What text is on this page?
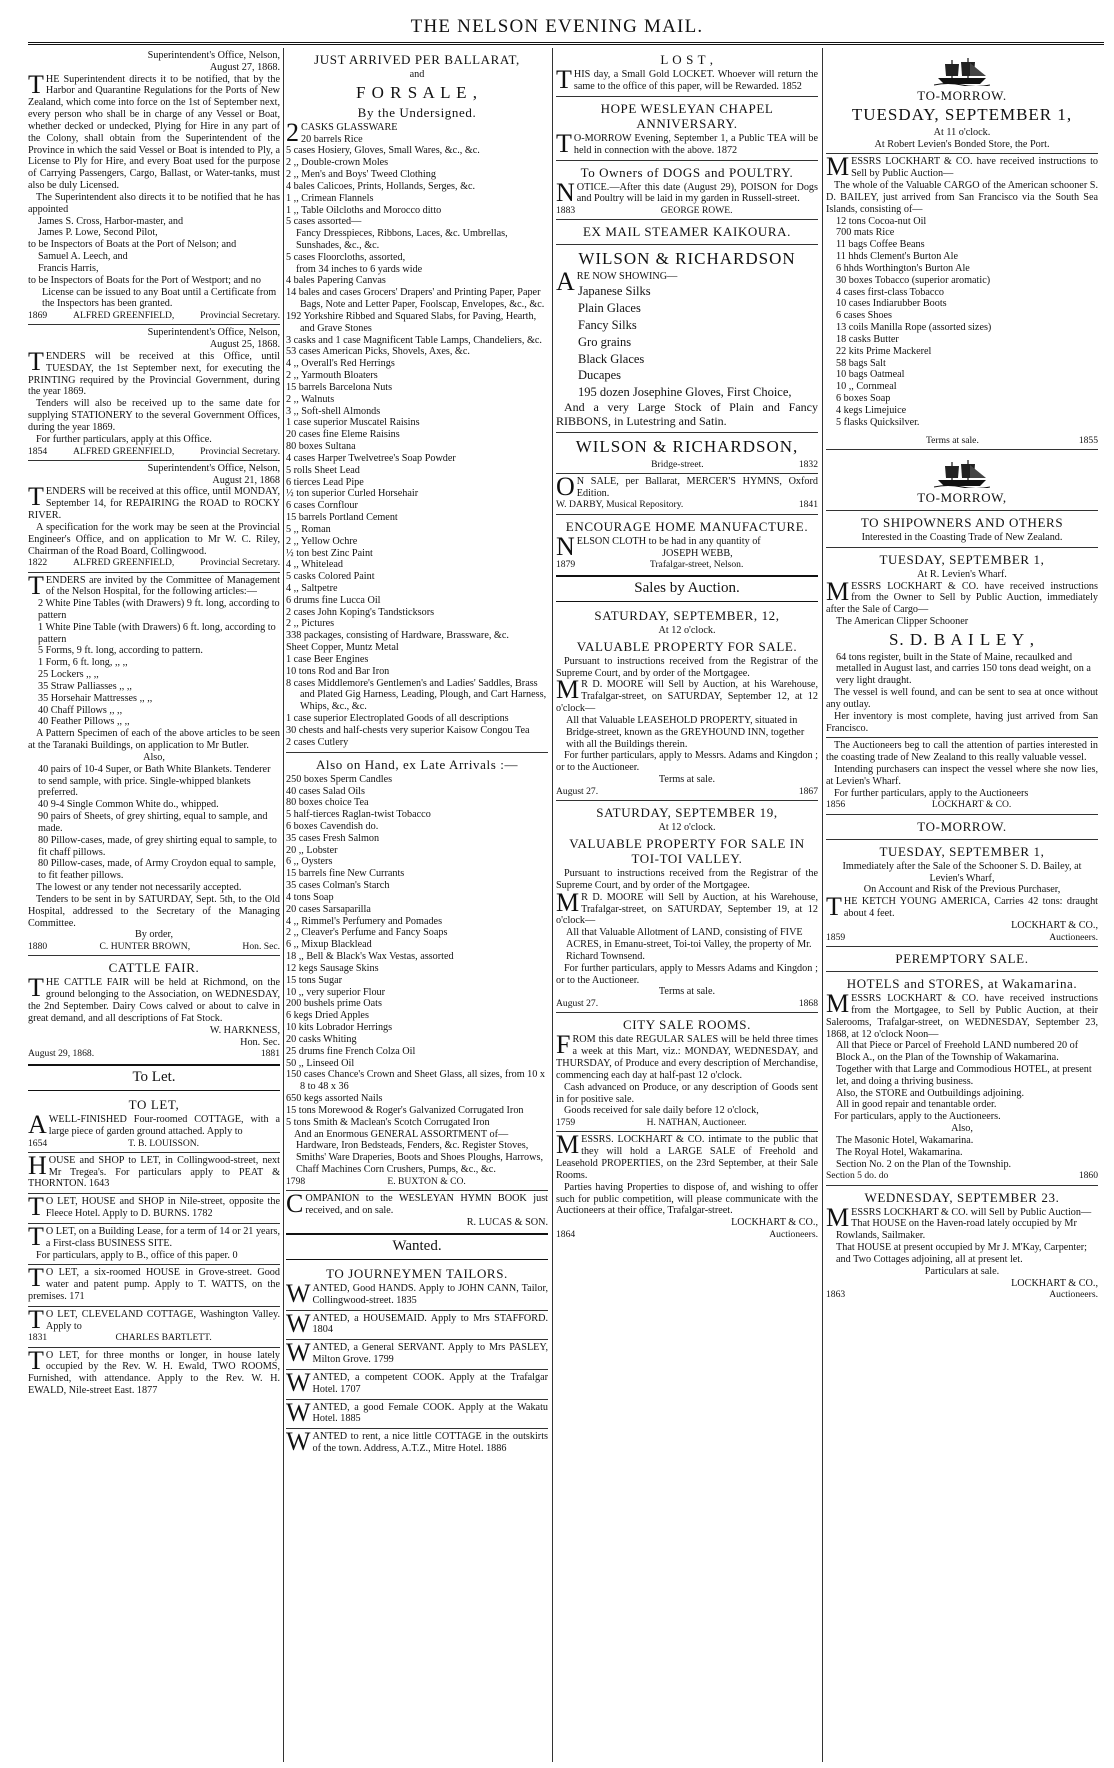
THE NELSON EVENING MAIL.
Superintendent's Office, Nelson,
August 27, 1868.
THE Superintendent directs it to be notified, that by the Harbor and Quarantine Regulations for the Ports of New Zealand, which come into force on the 1st of September next, every person who shall be in charge of any Vessel or Boat, whether decked or undecked, Plying for Hire in any part of the Colony, shall obtain from the Superintendent of the Province in which the said Vessel or Boat is intended to Ply, a License to Ply for Hire, and every Boat used for the purpose of Carrying Passengers, Cargo, Ballast, or Water-tanks, must also be duly Licensed.
The Superintendent also directs it to be notified that he has appointed
James S. Cross, Harbor-master, and
James P. Lowe, Second Pilot,
to be Inspectors of Boats at the Port of Nelson; and
Samuel A. Leech, and
Francis Harris,
to be Inspectors of Boats for the Port of Westport; and no License can be issued to any Boat until a Certificate from the Inspectors has been granted.
1869	ALFRED GREENFIELD,	Provincial Secretary.
Superintendent's Office, Nelson,
August 25, 1868.
TENDERS will be received at this Office, until TUESDAY, the 1st September next, for executing the PRINTING required by the Provincial Government, during the year 1869.
Tenders will also be received up to the same date for supplying STATIONERY to the several Government Offices, during the year 1869.
For further particulars, apply at this Office.
1854	ALFRED GREENFIELD,	Provincial Secretary.
Superintendent's Office, Nelson,
August 21, 1868
TENDERS will be received at this office, until MONDAY, September 14, for REPAIRING the ROAD to ROCKY RIVER.
A specification for the work may be seen at the Provincial Engineer's Office, and on application to Mr W. C. Riley, Chairman of the Road Board, Collingwood.
1822	ALFRED GREENFIELD,	Provincial Secretary.
TENDERS are invited by the Committee of Management of the Nelson Hospital, for the following articles:—
2 White Pine Tables (with Drawers) 9 ft. long, according to pattern
1 White Pine Table (with Drawers) 6 ft. long, according to pattern
5 Forms, 9 ft. long, according to pattern.
1 Form, 6 ft. long, ,, ,,
25 Lockers ,, ,,
35 Straw Palliasses ,, ,,
35 Horsehair Mattresses ,, ,,
40 Chaff Pillows ,, ,,
40 Feather Pillows ,, ,,
A Pattern Specimen of each of the above articles to be seen at the Taranaki Buildings, on application to Mr Butler.
Also,
40 pairs of 10-4 Super, or Bath White Blankets. Tenderer to send sample, with price. Single-whipped blankets preferred.
40 9-4 Single Common White do., whipped.
90 pairs of Sheets, of grey shirting, equal to sample, and made.
80 Pillow-cases, made, of grey shirting equal to sample, to fit chaff pillows.
80 Pillow-cases, made, of Army Croydon equal to sample, to fit feather pillows.
The lowest or any tender not necessarily accepted.
Tenders to be sent in by SATURDAY, Sept. 5th, to the Old Hospital, addressed to the Secretary of the Managing Committee.
By order,
1880	C. HUNTER BROWN,	Hon. Sec.
CATTLE FAIR.
THE CATTLE FAIR will be held at Richmond, on the ground belonging to the Association, on WEDNESDAY, the 2nd September. Dairy Cows calved or about to calve in great demand, and all descriptions of Fat Stock.
W. HARKNESS,
Hon. Sec.
August 29, 1868.	1881
To Let.
TO LET,
AWELL-FINISHED Four-roomed COTTAGE, with a large piece of garden ground attached. Apply to
1654	T. B. LOUISSON.
HOUSE and SHOP to LET, in Collingwood-street, next Mr Tregea's. For particulars apply to PEAT & THORNTON. 1643
TO LET, HOUSE and SHOP in Nile-street, opposite the Fleece Hotel. Apply to D. BURNS. 1782
TO LET, on a Building Lease, for a term of 14 or 21 years, a First-class BUSINESS SITE.
For particulars, apply to B., office of this paper. 0
TO LET, a six-roomed HOUSE in Grove-street. Good water and patent pump. Apply to T. WATTS, on the premises. 171
TO LET, CLEVELAND COTTAGE, Washington Valley. Apply to
1831	CHARLES BARTLETT.
TO LET, for three months or longer, in house lately occupied by the Rev. W. H. Ewald, TWO ROOMS, Furnished, with attendance. Apply to the Rev. W. H. EWALD, Nile-street East. 1877
JUST ARRIVED PER BALLARAT,
and
F O R S A L E ,
By the Undersigned.
2CASKS GLASSWARE
20 barrels Rice
5 cases Hosiery, Gloves, Small Wares, &c., &c.
2 ,, Double-crown Moles
2 ,, Men's and Boys' Tweed Clothing
4 bales Calicoes, Prints, Hollands, Serges, &c.
1 ,, Crimean Flannels
1 ,, Table Oilcloths and Morocco ditto
5 cases assorted—
Fancy Dresspieces, Ribbons, Laces, &c. Umbrellas, Sunshades, &c., &c.
5 cases Floorcloths, assorted,
from 34 inches to 6 yards wide
4 bales Papering Canvas
14 bales and cases Grocers' Drapers' and Printing Paper, Paper Bags, Note and Letter Paper, Foolscap, Envelopes, &c., &c.
192 Yorkshire Ribbed and Squared Slabs, for Paving, Hearth, and Grave Stones
3 casks and 1 case Magnificent Table Lamps, Chandeliers, &c.
53 cases American Picks, Shovels, Axes, &c.
4 ,, Overall's Red Herrings
2 ,, Yarmouth Bloaters
15 barrels Barcelona Nuts
2 ,, Walnuts
3 ,, Soft-shell Almonds
1 case superior Muscatel Raisins
20 cases fine Eleme Raisins
80 boxes Sultana
4 cases Harper Twelvetree's Soap Powder
5 rolls Sheet Lead
6 tierces Lead Pipe
½ ton superior Curled Horsehair
6 cases Cornflour
15 barrels Portland Cement
5 ,, Roman
2 ,, Yellow Ochre
½ ton best Zinc Paint
4 ,, Whitelead
5 casks Colored Paint
4 ,, Saltpetre
6 drums fine Lucca Oil
2 cases John Koping's Tandsticksors
2 ,, Pictures
338 packages, consisting of Hardware, Brassware, &c.
Sheet Copper, Muntz Metal
1 case Beer Engines
10 tons Rod and Bar Iron
8 cases Middlemore's Gentlemen's and Ladies' Saddles, Brass and Plated Gig Harness, Leading, Plough, and Cart Harness, Whips, &c., &c.
1 case superior Electroplated Goods of all descriptions
30 chests and half-chests very superior Kaisow Congou Tea
2 cases Cutlery
Also on Hand, ex Late Arrivals :—
250 boxes Sperm Candles
40 cases Salad Oils
80 boxes choice Tea
5 half-tierces Raglan-twist Tobacco
6 boxes Cavendish do.
35 cases Fresh Salmon
20 ,, Lobster
6 ,, Oysters
15 barrels fine New Currants
35 cases Colman's Starch
4 tons Soap
20 cases Sarsaparilla
4 ,, Rimmel's Perfumery and Pomades
2 ,, Cleaver's Perfume and Fancy Soaps
6 ,, Mixup Blacklead
18 ,, Bell & Black's Wax Vestas, assorted
12 kegs Sausage Skins
15 tons Sugar
10 ,, very superior Flour
200 bushels prime Oats
6 kegs Dried Apples
10 kits Lobrador Herrings
20 casks Whiting
25 drums fine French Colza Oil
50 ,, Linseed Oil
150 cases Chance's Crown and Sheet Glass, all sizes, from 10 x 8 to 48 x 36
650 kegs assorted Nails
15 tons Morewood & Roger's Galvanized Corrugated Iron
5 tons Smith & Maclean's Scotch Corrugated Iron
And an Enormous GENERAL ASSORTMENT of—
Hardware, Iron Bedsteads, Fenders, &c. Register Stoves, Smiths' Ware Draperies, Boots and Shoes Ploughs, Harrows, Chaff Machines Corn Crushers, Pumps, &c., &c.
1798	E. BUXTON & CO.
COMPANION to the WESLEYAN HYMN BOOK just received, and on sale.
R. LUCAS & SON.
Wanted.
TO JOURNEYMEN TAILORS.
WANTED, Good HANDS. Apply to JOHN CANN, Tailor, Collingwood-street. 1835
WANTED, a HOUSEMAID. Apply to Mrs STAFFORD. 1804
WANTED, a General SERVANT. Apply to Mrs PASLEY, Milton Grove. 1799
WANTED, a competent COOK. Apply at the Trafalgar Hotel. 1707
WANTED, a good Female COOK. Apply at the Wakatu Hotel. 1885
WANTED to rent, a nice little COTTAGE in the outskirts of the town. Address, A.T.Z., Mitre Hotel. 1886
L O S T ,
THIS day, a Small Gold LOCKET. Whoever will return the same to the office of this paper, will be Rewarded. 1852
HOPE WESLEYAN CHAPEL ANNIVERSARY.
TO-MORROW Evening, September 1, a Public TEA will be held in connection with the above. 1872
To Owners of DOGS and POULTRY.
NOTICE.—After this date (August 29), POISON for Dogs and Poultry will be laid in my garden in Russell-street.
1883	GEORGE ROWE.
EX MAIL STEAMER KAIKOURA.
WILSON & RICHARDSON
ARE NOW SHOWING—
Japanese Silks
Plain Glaces
Fancy Silks
Gro grains
Black Glaces
Ducapes
195 dozen Josephine Gloves, First Choice,
And a very Large Stock of Plain and Fancy RIBBONS, in Lutestring and Satin.
WILSON & RICHARDSON,
Bridge-street.	1832
ON SALE, per Ballarat, MERCER'S HYMNS, Oxford Edition.
W. DARBY, Musical Repository.	1841
ENCOURAGE HOME MANUFACTURE.
NELSON CLOTH to be had in any quantity of
JOSEPH WEBB,
1879	Trafalgar-street, Nelson.
Sales by Auction.
SATURDAY, SEPTEMBER, 12,
At 12 o'clock.
VALUABLE PROPERTY FOR SALE.
Pursuant to instructions received from the Registrar of the Supreme Court, and by order of the Mortgagee.
MR D. MOORE will Sell by Auction, at his Warehouse, Trafalgar-street, on SATURDAY, September 12, at 12 o'clock—
All that Valuable LEASEHOLD PROPERTY, situated in Bridge-street, known as the GREYHOUND INN, together with all the Buildings therein.
For further particulars, apply to Messrs. Adams and Kingdon ; or to the Auctioneer.
Terms at sale.
August 27.	1867
SATURDAY, SEPTEMBER 19,
At 12 o'clock.
VALUABLE PROPERTY FOR SALE IN TOI-TOI VALLEY.
Pursuant to instructions received from the Registrar of the Supreme Court, and by order of the Mortgagee.
MR D. MOORE will Sell by Auction, at his Warehouse, Trafalgar-street, on SATURDAY, September 19, at 12 o'clock—
All that Valuable Allotment of LAND, consisting of FIVE ACRES, in Emanu-street, Toi-toi Valley, the property of Mr. Richard Townsend.
For further particulars, apply to Messrs Adams and Kingdon ; or to the Auctioneer.
Terms at sale.
August 27.	1868
CITY SALE ROOMS.
FROM this date REGULAR SALES will be held three times a week at this Mart, viz.: MONDAY, WEDNESDAY, and THURSDAY, of Produce and every description of Merchandise, commencing each day at half-past 12 o'clock.
Cash advanced on Produce, or any description of Goods sent in for positive sale.
Goods received for sale daily before 12 o'clock,
1759	H. NATHAN, Auctioneer.
MESSRS. LOCKHART & CO. intimate to the public that they will hold a LARGE SALE of Freehold and Leasehold PROPERTIES, on the 23rd September, at their Sale Rooms.
Parties having Properties to dispose of, and wishing to offer such for public competition, will please communicate with the Auctioneers at their office, Trafalgar-street.
LOCKHART & CO.,
1864	Auctioneers.
TO-MORROW.
TUESDAY, SEPTEMBER 1,
At 11 o'clock.
At Robert Levien's Bonded Store, the Port.
MESSRS LOCKHART & CO. have received instructions to Sell by Public Auction—
The whole of the Valuable CARGO of the American schooner S. D. BAILEY, just arrived from San Francisco via the South Sea Islands, consisting of—
12 tons Cocoa-nut Oil
700 mats Rice
11 bags Coffee Beans
11 hhds Clement's Burton Ale
6 hhds Worthington's Burton Ale
30 boxes Tobacco (superior aromatic)
4 cases first-class Tobacco
10 cases Indiarubber Boots
6 cases Shoes
13 coils Manilla Rope (assorted sizes)
18 casks Butter
22 kits Prime Mackerel
58 bags Salt
10 bags Oatmeal
10 ,, Cornmeal
6 boxes Soap
4 kegs Limejuice
5 flasks Quicksilver.
Terms at sale.	1855
TO-MORROW,
TO SHIPOWNERS AND OTHERS
Interested in the Coasting Trade of New Zealand.
TUESDAY, SEPTEMBER 1,
At R. Levien's Wharf.
MESSRS LOCKHART & CO. have received instructions from the Owner to Sell by Public Auction, immediately after the Sale of Cargo—
The American Clipper Schooner
S. D. B A I L E Y ,
64 tons register, built in the State of Maine, recaulked and metalled in August last, and carries 150 tons dead weight, on a very light draught.
The vessel is well found, and can be sent to sea at once without any outlay.
Her inventory is most complete, having just arrived from San Francisco.
The Auctioneers beg to call the attention of parties interested in the coasting trade of New Zealand to this really valuable vessel.
Intending purchasers can inspect the vessel where she now lies, at Levien's Wharf.
For further particulars, apply to the Auctioneers
1856	LOCKHART & CO.
TO-MORROW.
TUESDAY, SEPTEMBER 1,
Immediately after the Sale of the Schooner S. D. Bailey, at Levien's Wharf,
On Account and Risk of the Previous Purchaser,
THE KETCH YOUNG AMERICA, Carries 42 tons: draught about 4 feet.
LOCKHART & CO.,
1859	Auctioneers.
PEREMPTORY SALE.
HOTELS and STORES, at Wakamarina.
MESSRS LOCKHART & CO. have received instructions from the Mortgagee, to Sell by Public Auction, at their Salerooms, Trafalgar-street, on WEDNESDAY, September 23, 1868, at 12 o'clock Noon—
All that Piece or Parcel of Freehold LAND numbered 20 of Block A., on the Plan of the Township of Wakamarina.
Together with that Large and Commodious HOTEL, at present let, and doing a thriving business.
Also, the STORE and Outbuildings adjoining.
All in good repair and tenantable order.
For particulars, apply to the Auctioneers.
Also,
The Masonic Hotel, Wakamarina.
The Royal Hotel, Wakamarina.
Section No. 2 on the Plan of the Township.
Section 5 do. do	1860
WEDNESDAY, SEPTEMBER 23.
MESSRS LOCKHART & CO. will Sell by Public Auction—
That HOUSE on the Haven-road lately occupied by Mr Rowlands, Sailmaker.
That HOUSE at present occupied by Mr J. M'Kay, Carpenter; and Two Cottages adjoining, all at present let.
Particulars at sale.
LOCKHART & CO.,
1863	Auctioneers.
